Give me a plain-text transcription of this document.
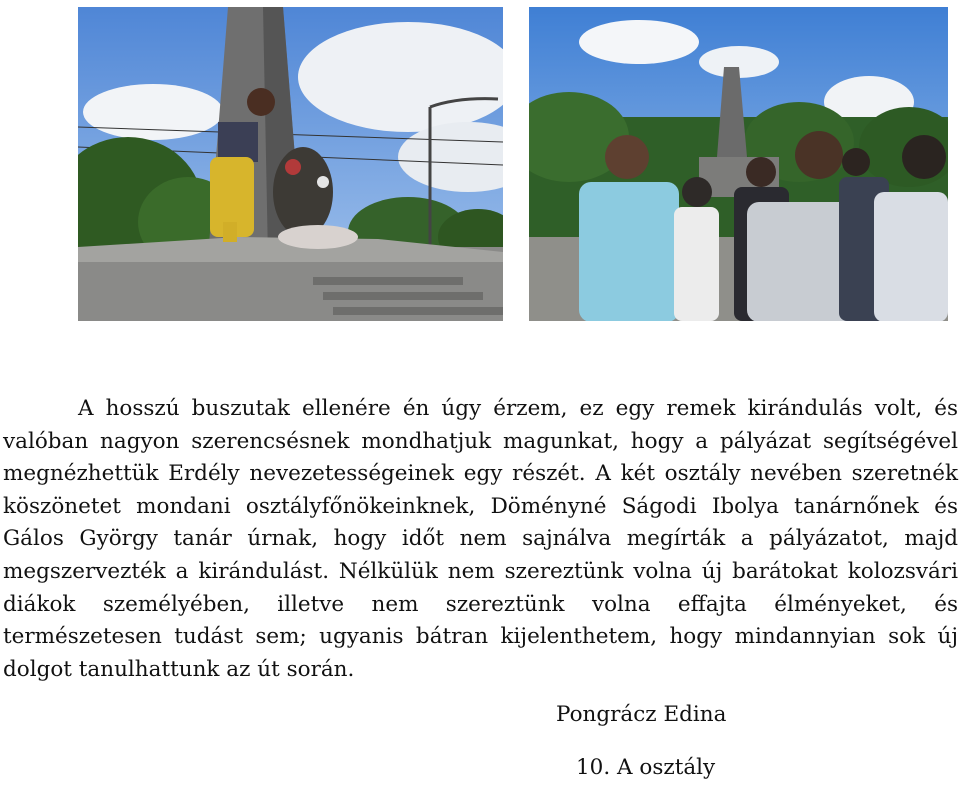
A hosszú buszutak ellenére én úgy érzem, ez egy remek kirándulás volt, és valóban nagyon szerencsésnek mondhatjuk magunkat, hogy a pályázat segítségével megnézhettük Erdély nevezetességeinek egy részét. A két osztály nevében szeretnék köszönetet mondani osztályfőnökeinknek, Döményné Ságodi Ibolya tanárnőnek és Gálos György tanár úrnak, hogy időt nem sajnálva megírták a pályázatot, majd megszervezték a kirándulást. Nélkülük nem szereztünk volna új barátokat kolozsvári diákok személyében, illetve nem szereztünk volna effajta élményeket, és természetesen tudást sem; ugyanis bátran kijelenthetem, hogy mindannyian sok új dolgot tanulhattunk az út során.

Pongrácz Edina

10. A osztály
